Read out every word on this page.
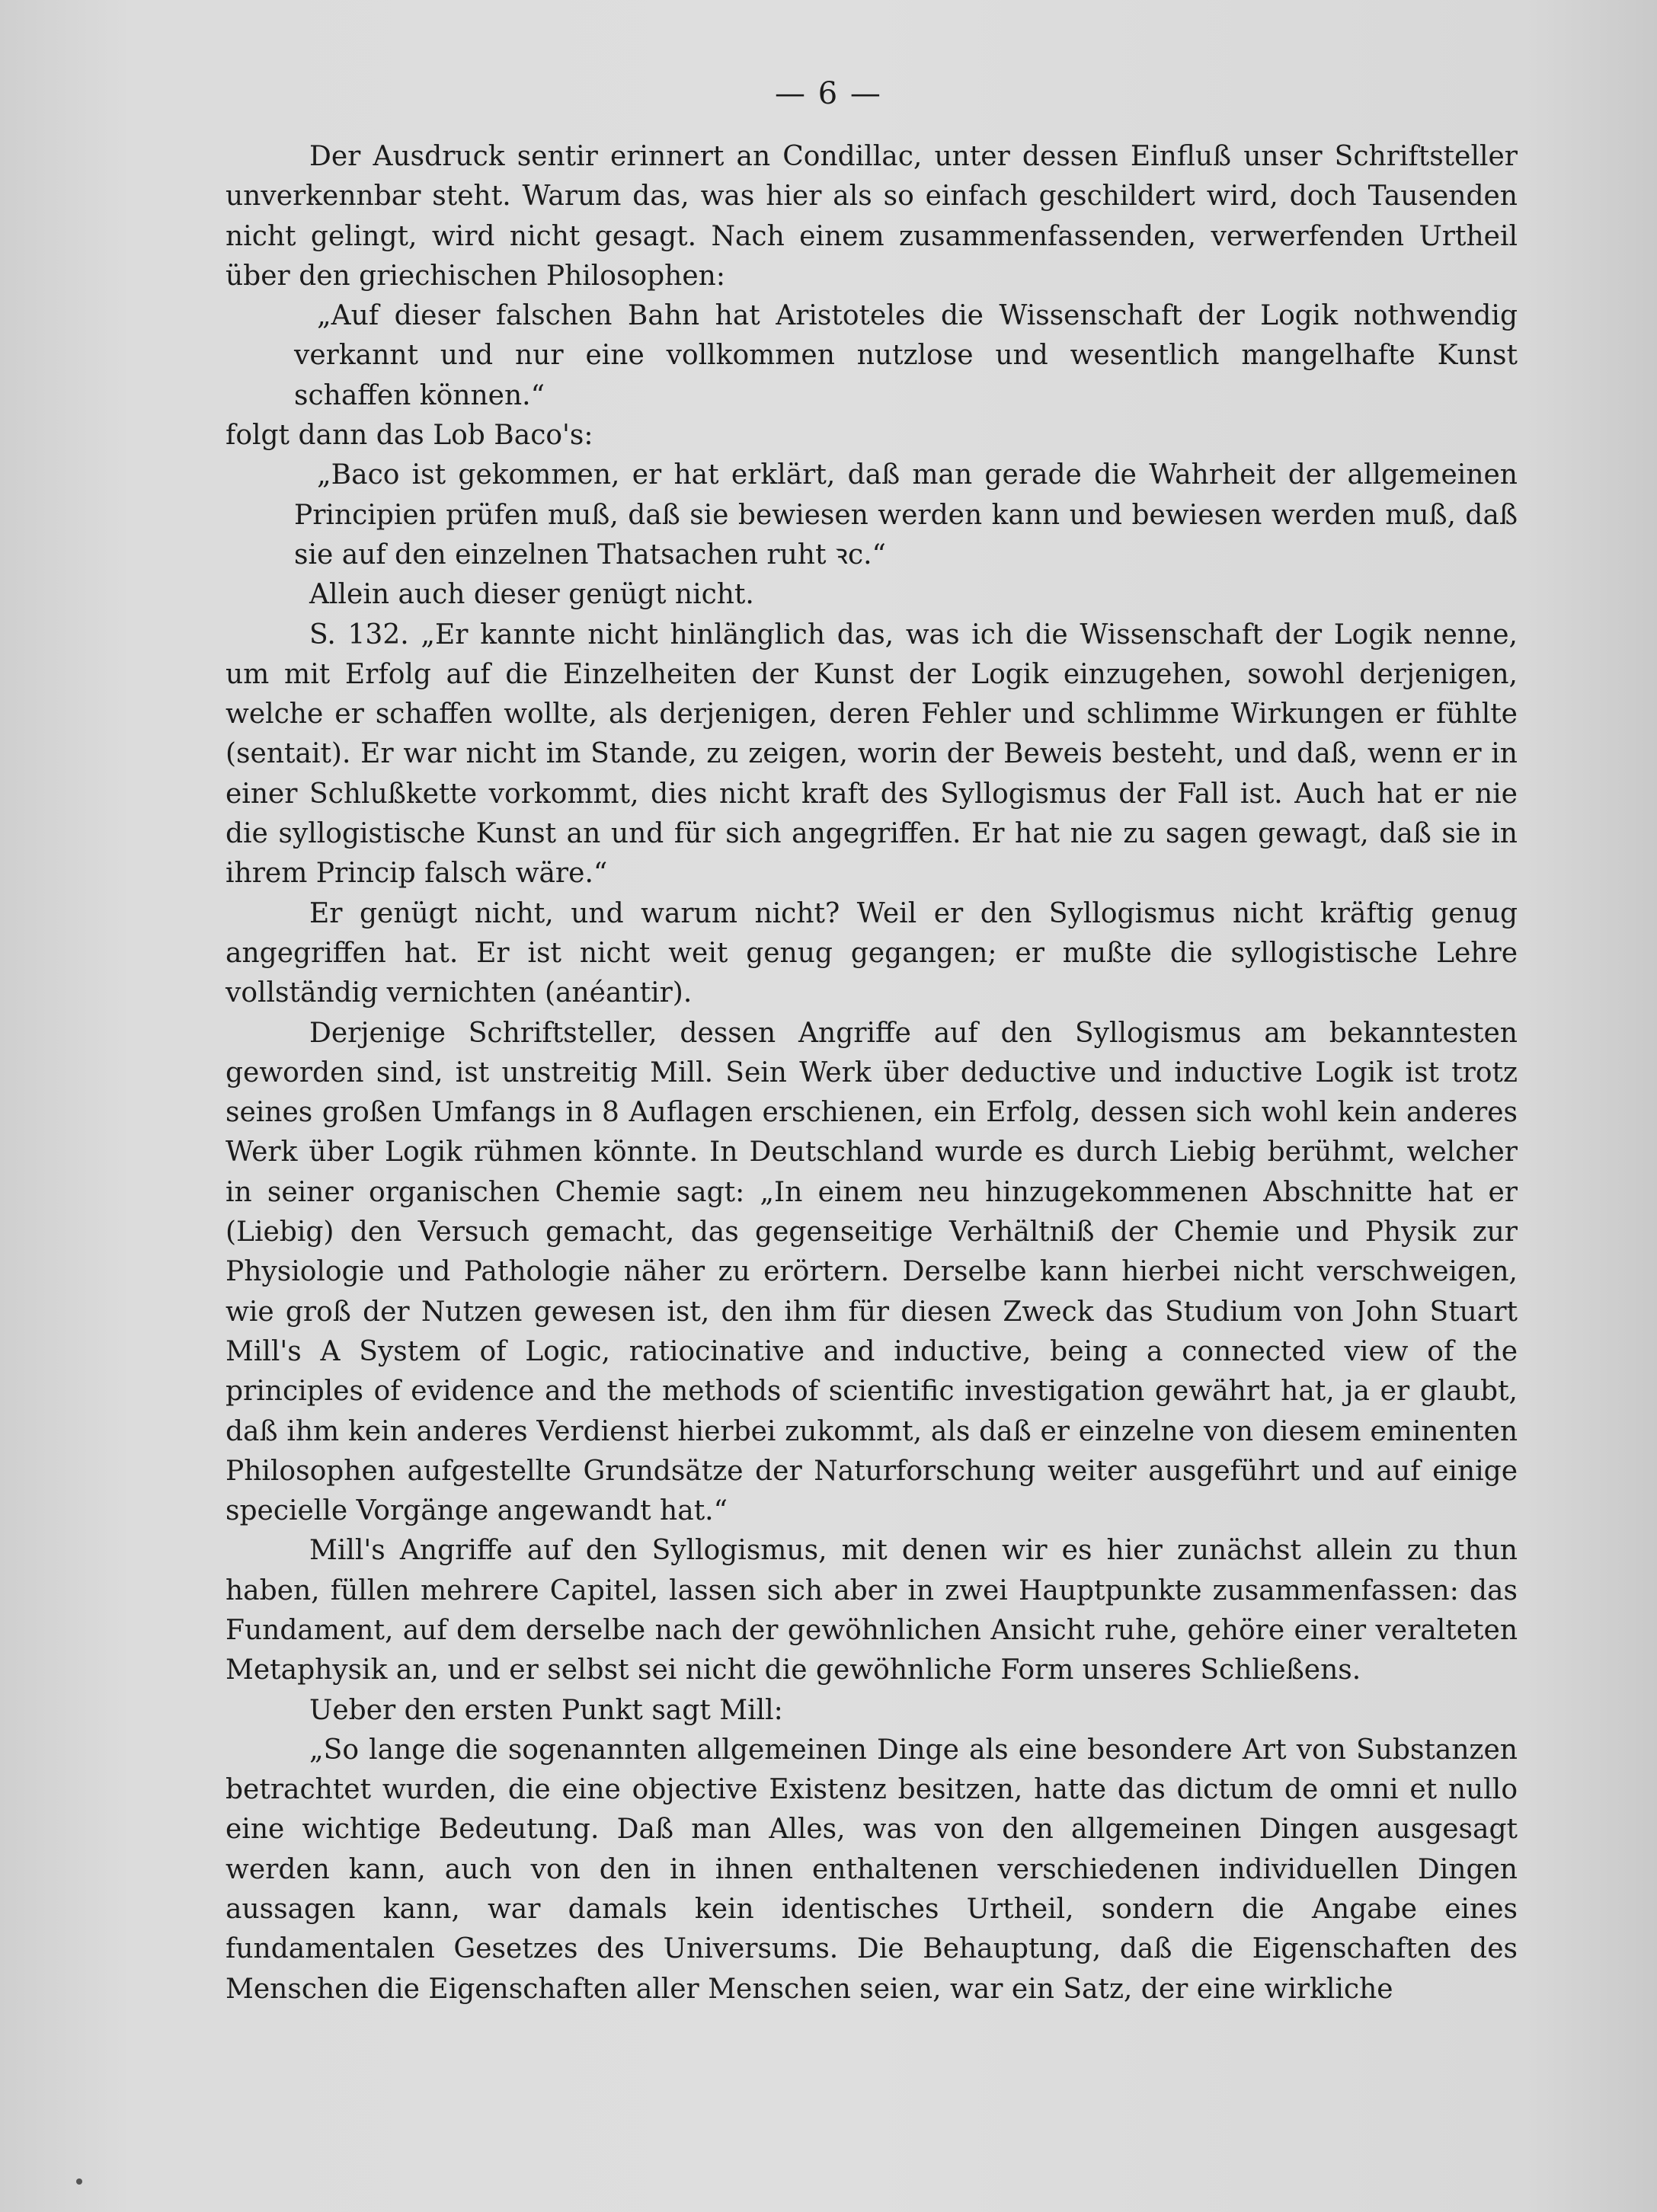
— 6 —

Der Ausdruck sentir erinnert an Condillac, unter dessen Einfluß unser Schriftsteller unverkennbar steht. Warum das, was hier als so einfach geschildert wird, doch Tausenden nicht gelingt, wird nicht gesagt. Nach einem zusammenfassenden, verwerfenden Urtheil über den griechischen Philosophen:

„Auf dieser falschen Bahn hat Aristoteles die Wissenschaft der Logik nothwendig verkannt und nur eine vollkommen nutzlose und wesentlich mangelhafte Kunst schaffen können.“

folgt dann das Lob Baco's:

„Baco ist gekommen, er hat erklärt, daß man gerade die Wahrheit der allgemeinen Principien prüfen muß, daß sie bewiesen werden kann und bewiesen werden muß, daß sie auf den einzelnen Thatsachen ruht ꝛc.“

Allein auch dieser genügt nicht.

S. 132. „Er kannte nicht hinlänglich das, was ich die Wissenschaft der Logik nenne, um mit Erfolg auf die Einzelheiten der Kunst der Logik einzugehen, sowohl derjenigen, welche er schaffen wollte, als derjenigen, deren Fehler und schlimme Wirkungen er fühlte (sentait). Er war nicht im Stande, zu zeigen, worin der Beweis besteht, und daß, wenn er in einer Schlußkette vorkommt, dies nicht kraft des Syllogismus der Fall ist. Auch hat er nie die syllogistische Kunst an und für sich angegriffen. Er hat nie zu sagen gewagt, daß sie in ihrem Princip falsch wäre.“

Er genügt nicht, und warum nicht? Weil er den Syllogismus nicht kräftig genug angegriffen hat. Er ist nicht weit genug gegangen; er mußte die syllogistische Lehre vollständig vernichten (anéantir).

Derjenige Schriftsteller, dessen Angriffe auf den Syllogismus am bekanntesten geworden sind, ist unstreitig Mill. Sein Werk über deductive und inductive Logik ist trotz seines großen Umfangs in 8 Auflagen erschienen, ein Erfolg, dessen sich wohl kein anderes Werk über Logik rühmen könnte. In Deutschland wurde es durch Liebig berühmt, welcher in seiner organischen Chemie sagt: „In einem neu hinzugekommenen Abschnitte hat er (Liebig) den Versuch gemacht, das gegenseitige Verhältniß der Chemie und Physik zur Physiologie und Pathologie näher zu erörtern. Derselbe kann hierbei nicht verschweigen, wie groß der Nutzen gewesen ist, den ihm für diesen Zweck das Studium von John Stuart Mill's A System of Logic, ratiocinative and inductive, being a connected view of the principles of evidence and the methods of scientific investigation gewährt hat, ja er glaubt, daß ihm kein anderes Verdienst hierbei zukommt, als daß er einzelne von diesem eminenten Philosophen aufgestellte Grundsätze der Naturforschung weiter ausgeführt und auf einige specielle Vorgänge angewandt hat.“

Mill's Angriffe auf den Syllogismus, mit denen wir es hier zunächst allein zu thun haben, füllen mehrere Capitel, lassen sich aber in zwei Hauptpunkte zusammenfassen: das Fundament, auf dem derselbe nach der gewöhnlichen Ansicht ruhe, gehöre einer veralteten Metaphysik an, und er selbst sei nicht die gewöhnliche Form unseres Schließens.

Ueber den ersten Punkt sagt Mill:

„So lange die sogenannten allgemeinen Dinge als eine besondere Art von Substanzen betrachtet wurden, die eine objective Existenz besitzen, hatte das dictum de omni et nullo eine wichtige Bedeutung. Daß man Alles, was von den allgemeinen Dingen ausgesagt werden kann, auch von den in ihnen enthaltenen verschiedenen individuellen Dingen aussagen kann, war damals kein identisches Urtheil, sondern die Angabe eines fundamentalen Gesetzes des Universums. Die Behauptung, daß die Eigenschaften des Menschen die Eigenschaften aller Menschen seien, war ein Satz, der eine wirkliche
